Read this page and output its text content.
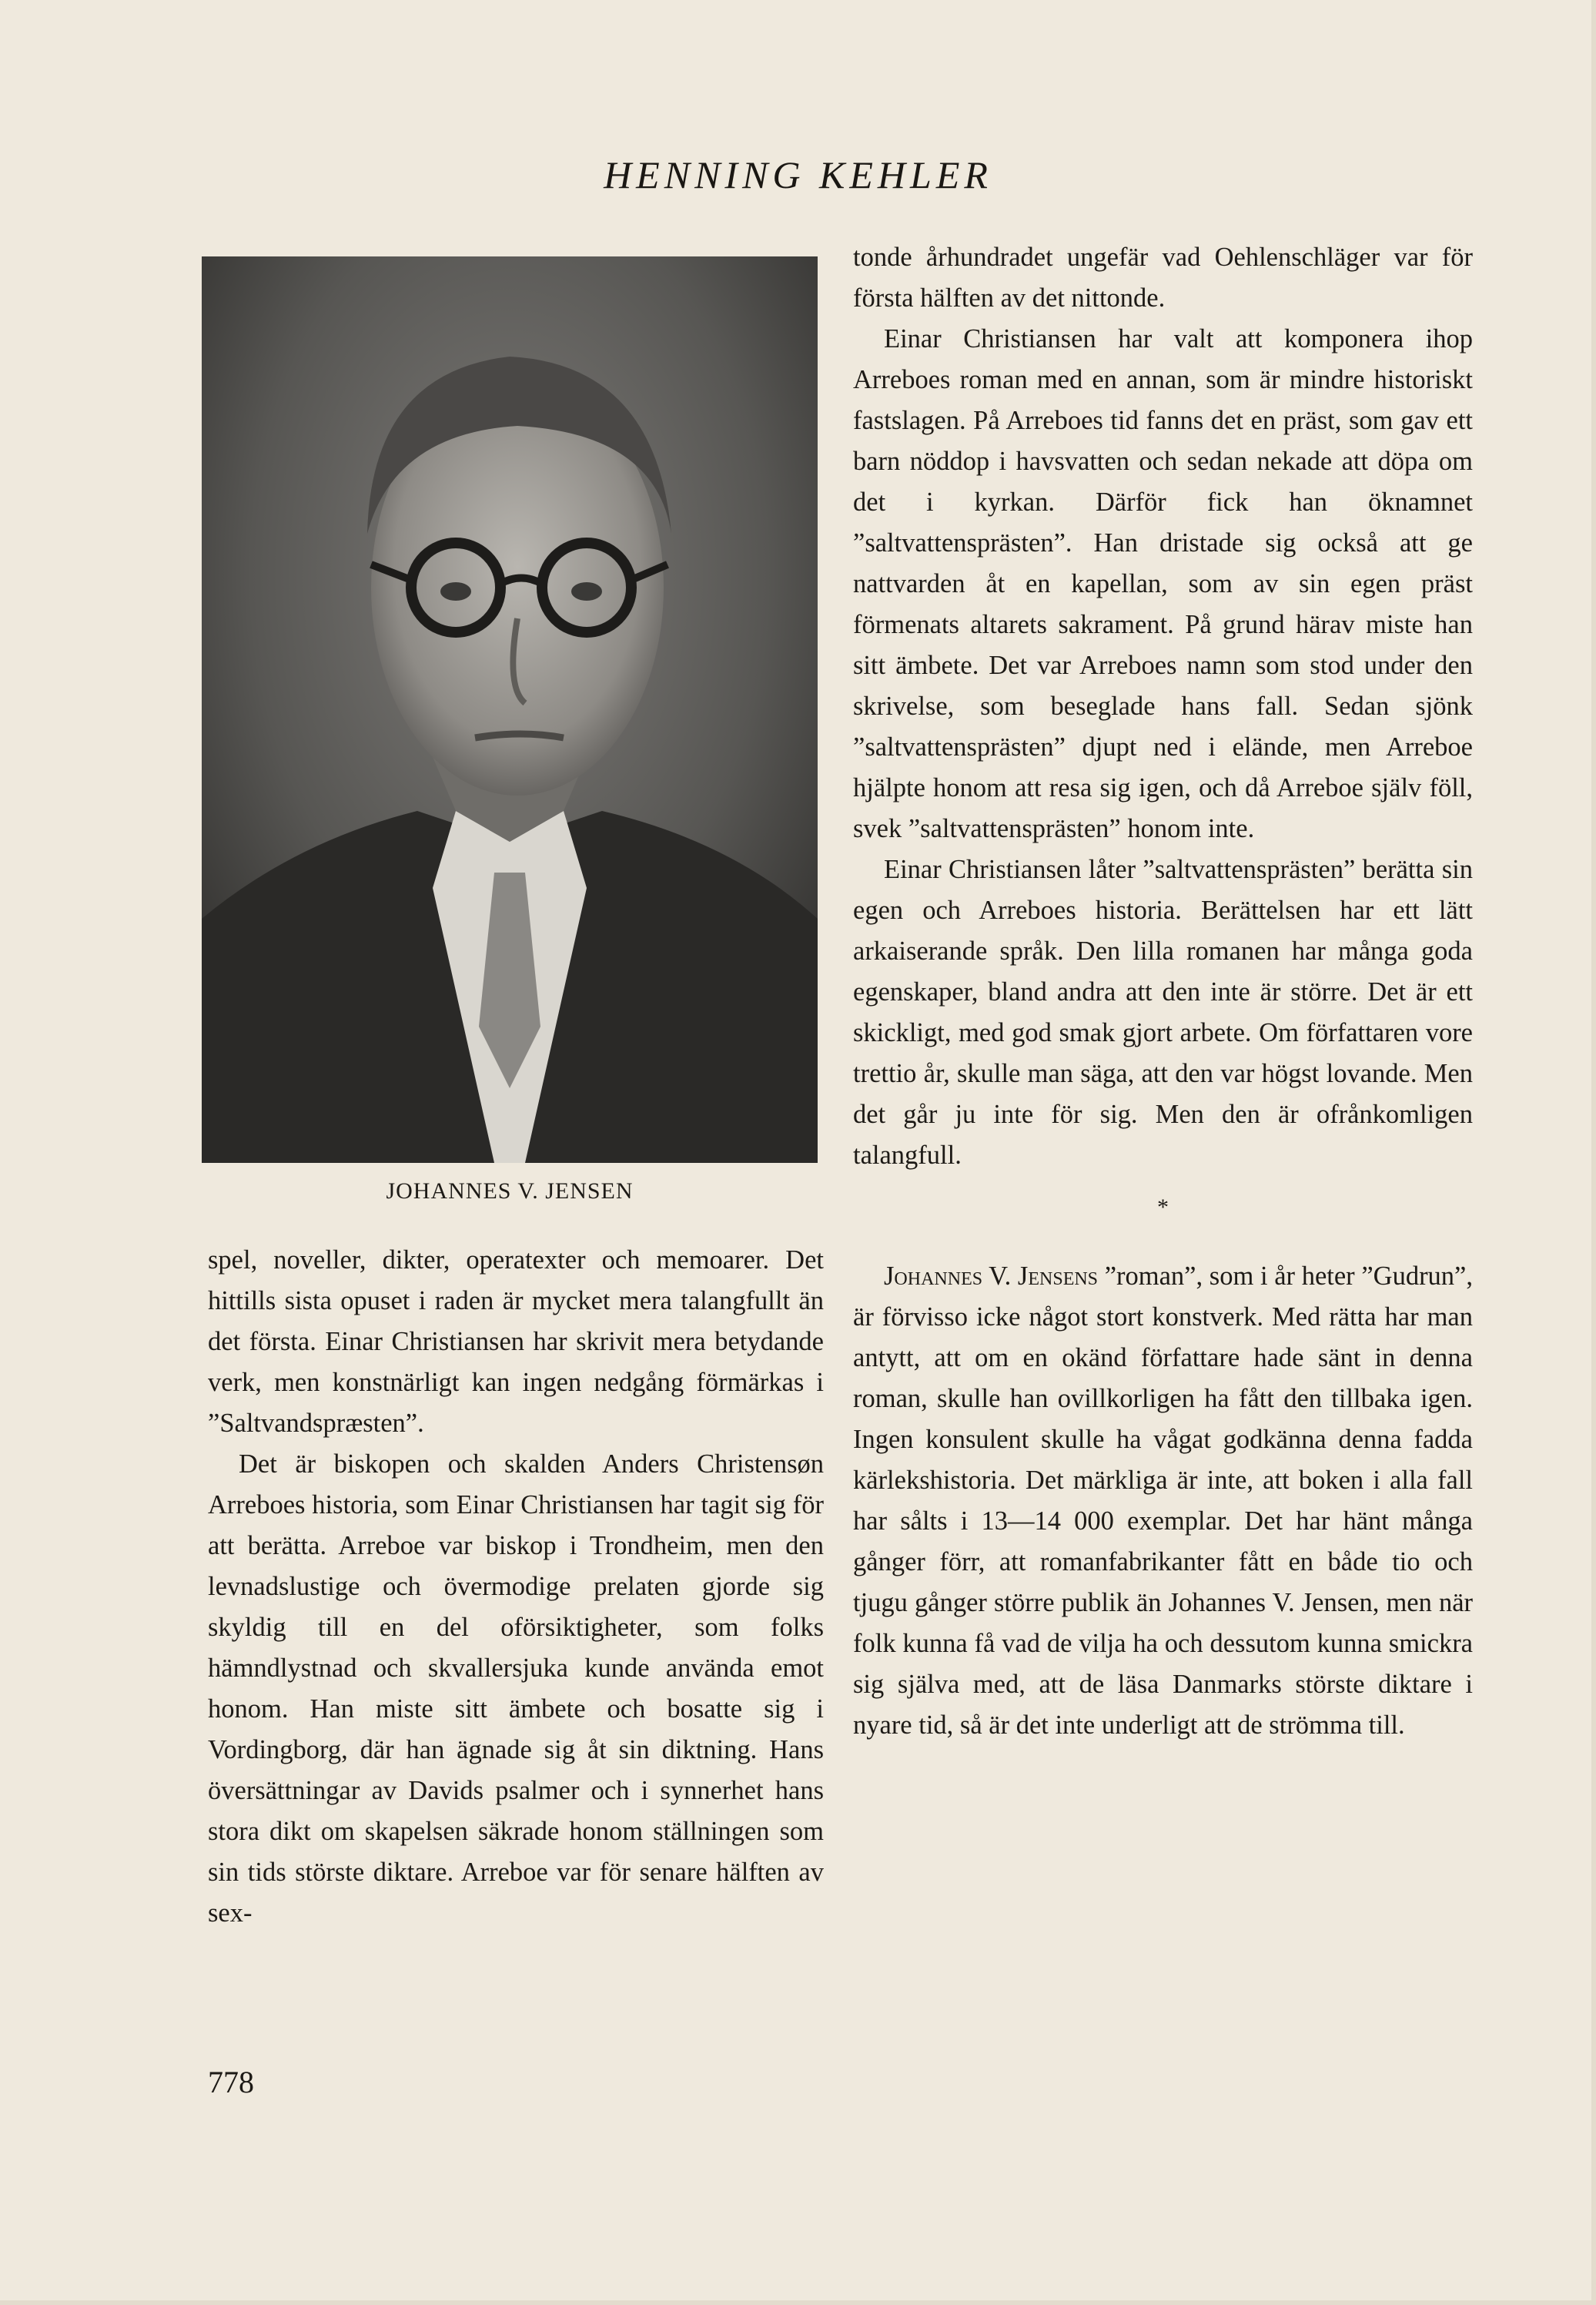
HENNING KEHLER
JOHANNES V. JENSEN

spel, noveller, dikter, operatexter och memoarer. Det hittills sista opuset i raden är mycket mera talangfullt än det första. Einar Christiansen har skrivit mera betydande verk, men konstnärligt kan ingen nedgång förmärkas i ”Saltvandspræsten”.

Det är biskopen och skalden Anders Christensøn Arreboes historia, som Einar Christiansen har tagit sig för att berätta. Arreboe var biskop i Trondheim, men den levnadslustige och övermodige prelaten gjorde sig skyldig till en del oförsiktigheter, som folks hämndlystnad och skvallersjuka kunde använda emot honom. Han miste sitt ämbete och bosatte sig i Vordingborg, där han ägnade sig åt sin diktning. Hans översättningar av Davids psalmer och i synnerhet hans stora dikt om skapelsen säkrade honom ställningen som sin tids störste diktare. Arreboe var för senare hälften av sex-

tonde århundradet ungefär vad Oehlenschläger var för första hälften av det nittonde.

Einar Christiansen har valt att komponera ihop Arreboes roman med en annan, som är mindre historiskt fastslagen. På Arreboes tid fanns det en präst, som gav ett barn nöddop i havsvatten och sedan nekade att döpa om det i kyrkan. Därför fick han öknamnet ”saltvattensprästen”. Han dristade sig också att ge nattvarden åt en kapellan, som av sin egen präst förmenats altarets sakrament. På grund härav miste han sitt ämbete. Det var Arreboes namn som stod under den skrivelse, som beseglade hans fall. Sedan sjönk ”saltvattensprästen” djupt ned i elände, men Arreboe hjälpte honom att resa sig igen, och då Arreboe själv föll, svek ”saltvattensprästen” honom inte.

Einar Christiansen låter ”saltvattensprästen” berätta sin egen och Arreboes historia. Berättelsen har ett lätt arkaiserande språk. Den lilla romanen har många goda egenskaper, bland andra att den inte är större. Det är ett skickligt, med god smak gjort arbete. Om författaren vore trettio år, skulle man säga, att den var högst lovande. Men det går ju inte för sig. Men den är ofrånkomligen talangfull.

*

Johannes V. Jensens ”roman”, som i år heter ”Gudrun”, är förvisso icke något stort konstverk. Med rätta har man antytt, att om en okänd författare hade sänt in denna roman, skulle han ovillkorligen ha fått den tillbaka igen. Ingen konsulent skulle ha vågat godkänna denna fadda kärlekshistoria. Det märkliga är inte, att boken i alla fall har sålts i 13—14 000 exemplar. Det har hänt många gånger förr, att romanfabrikanter fått en både tio och tjugu gånger större publik än Johannes V. Jensen, men när folk kunna få vad de vilja ha och dessutom kunna smickra sig själva med, att de läsa Danmarks störste diktare i nyare tid, så är det inte underligt att de strömma till.

778
